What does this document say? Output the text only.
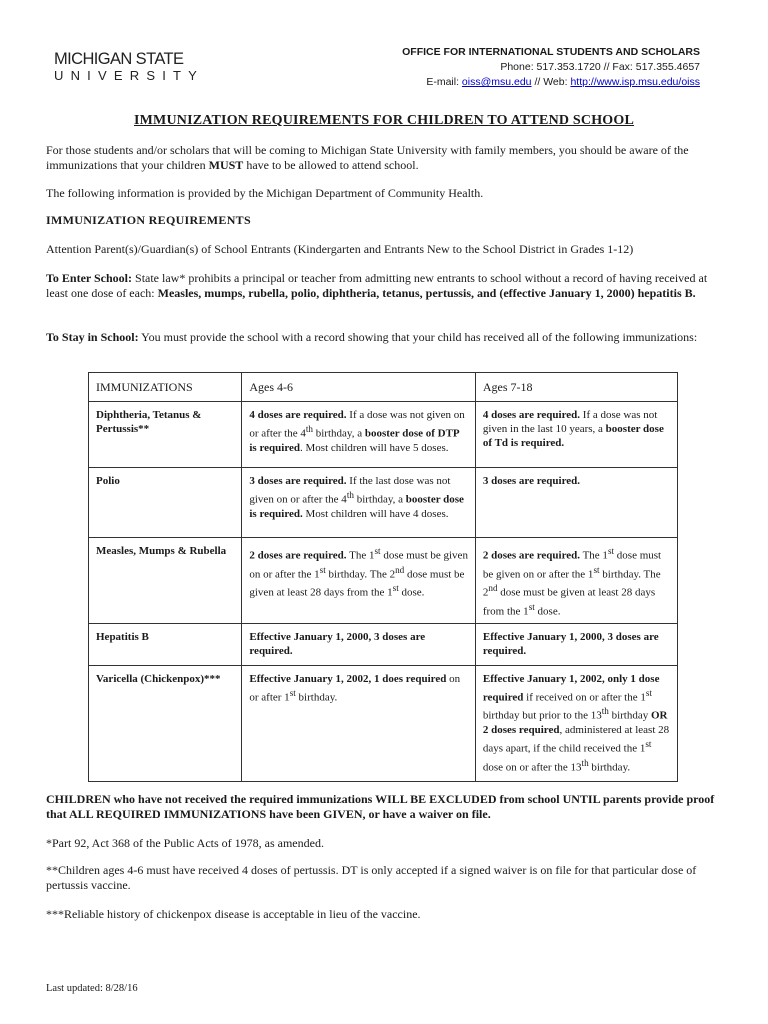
MICHIGAN STATE
UNIVERSITY
OFFICE FOR INTERNATIONAL STUDENTS AND SCHOLARS
Phone: 517.353.1720 // Fax: 517.355.4657
E-mail: oiss@msu.edu // Web: http://www.isp.msu.edu/oiss
IMMUNIZATION REQUIREMENTS FOR CHILDREN TO ATTEND SCHOOL
For those students and/or scholars that will be coming to Michigan State University with family members, you should be aware of the immunizations that your children MUST have to be allowed to attend school.
The following information is provided by the Michigan Department of Community Health.
IMMUNIZATION REQUIREMENTS
Attention Parent(s)/Guardian(s) of School Entrants (Kindergarten and Entrants New to the School District in Grades 1-12)
To Enter School: State law* prohibits a principal or teacher from admitting new entrants to school without a record of having received at least one dose of each: Measles, mumps, rubella, polio, diphtheria, tetanus, pertussis, and (effective January 1, 2000) hepatitis B.
To Stay in School: You must provide the school with a record showing that your child has received all of the following immunizations:
IMMUNIZATIONS	Ages 4-6	Ages 7-18
Diphtheria, Tetanus & Pertussis**	4 doses are required. If a dose was not given on or after the 4th birthday, a booster dose of DTP is required. Most children will have 5 doses.	4 doses are required. If a dose was not given in the last 10 years, a booster dose of Td is required.
Polio	3 doses are required. If the last dose was not given on or after the 4th birthday, a booster dose is required. Most children will have 4 doses.	3 doses are required.
Measles, Mumps & Rubella	2 doses are required. The 1st dose must be given on or after the 1st birthday. The 2nd dose must be given at least 28 days from the 1st dose.	2 doses are required. The 1st dose must be given on or after the 1st birthday. The 2nd dose must be given at least 28 days from the 1st dose.
Hepatitis B	Effective January 1, 2000, 3 doses are required.	Effective January 1, 2000, 3 doses are required.
Varicella (Chickenpox)***	Effective January 1, 2002, 1 does required on or after 1st birthday.	Effective January 1, 2002, only 1 dose required if received on or after the 1st birthday but prior to the 13th birthday OR 2 doses required, administered at least 28 days apart, if the child received the 1st dose on or after the 13th birthday.
CHILDREN who have not received the required immunizations WILL BE EXCLUDED from school UNTIL parents provide proof that ALL REQUIRED IMMUNIZATIONS have been GIVEN, or have a waiver on file.
*Part 92, Act 368 of the Public Acts of 1978, as amended.
**Children ages 4-6 must have received 4 doses of pertussis. DT is only accepted if a signed waiver is on file for that particular dose of pertussis vaccine.
***Reliable history of chickenpox disease is acceptable in lieu of the vaccine.
Last updated: 8/28/16
